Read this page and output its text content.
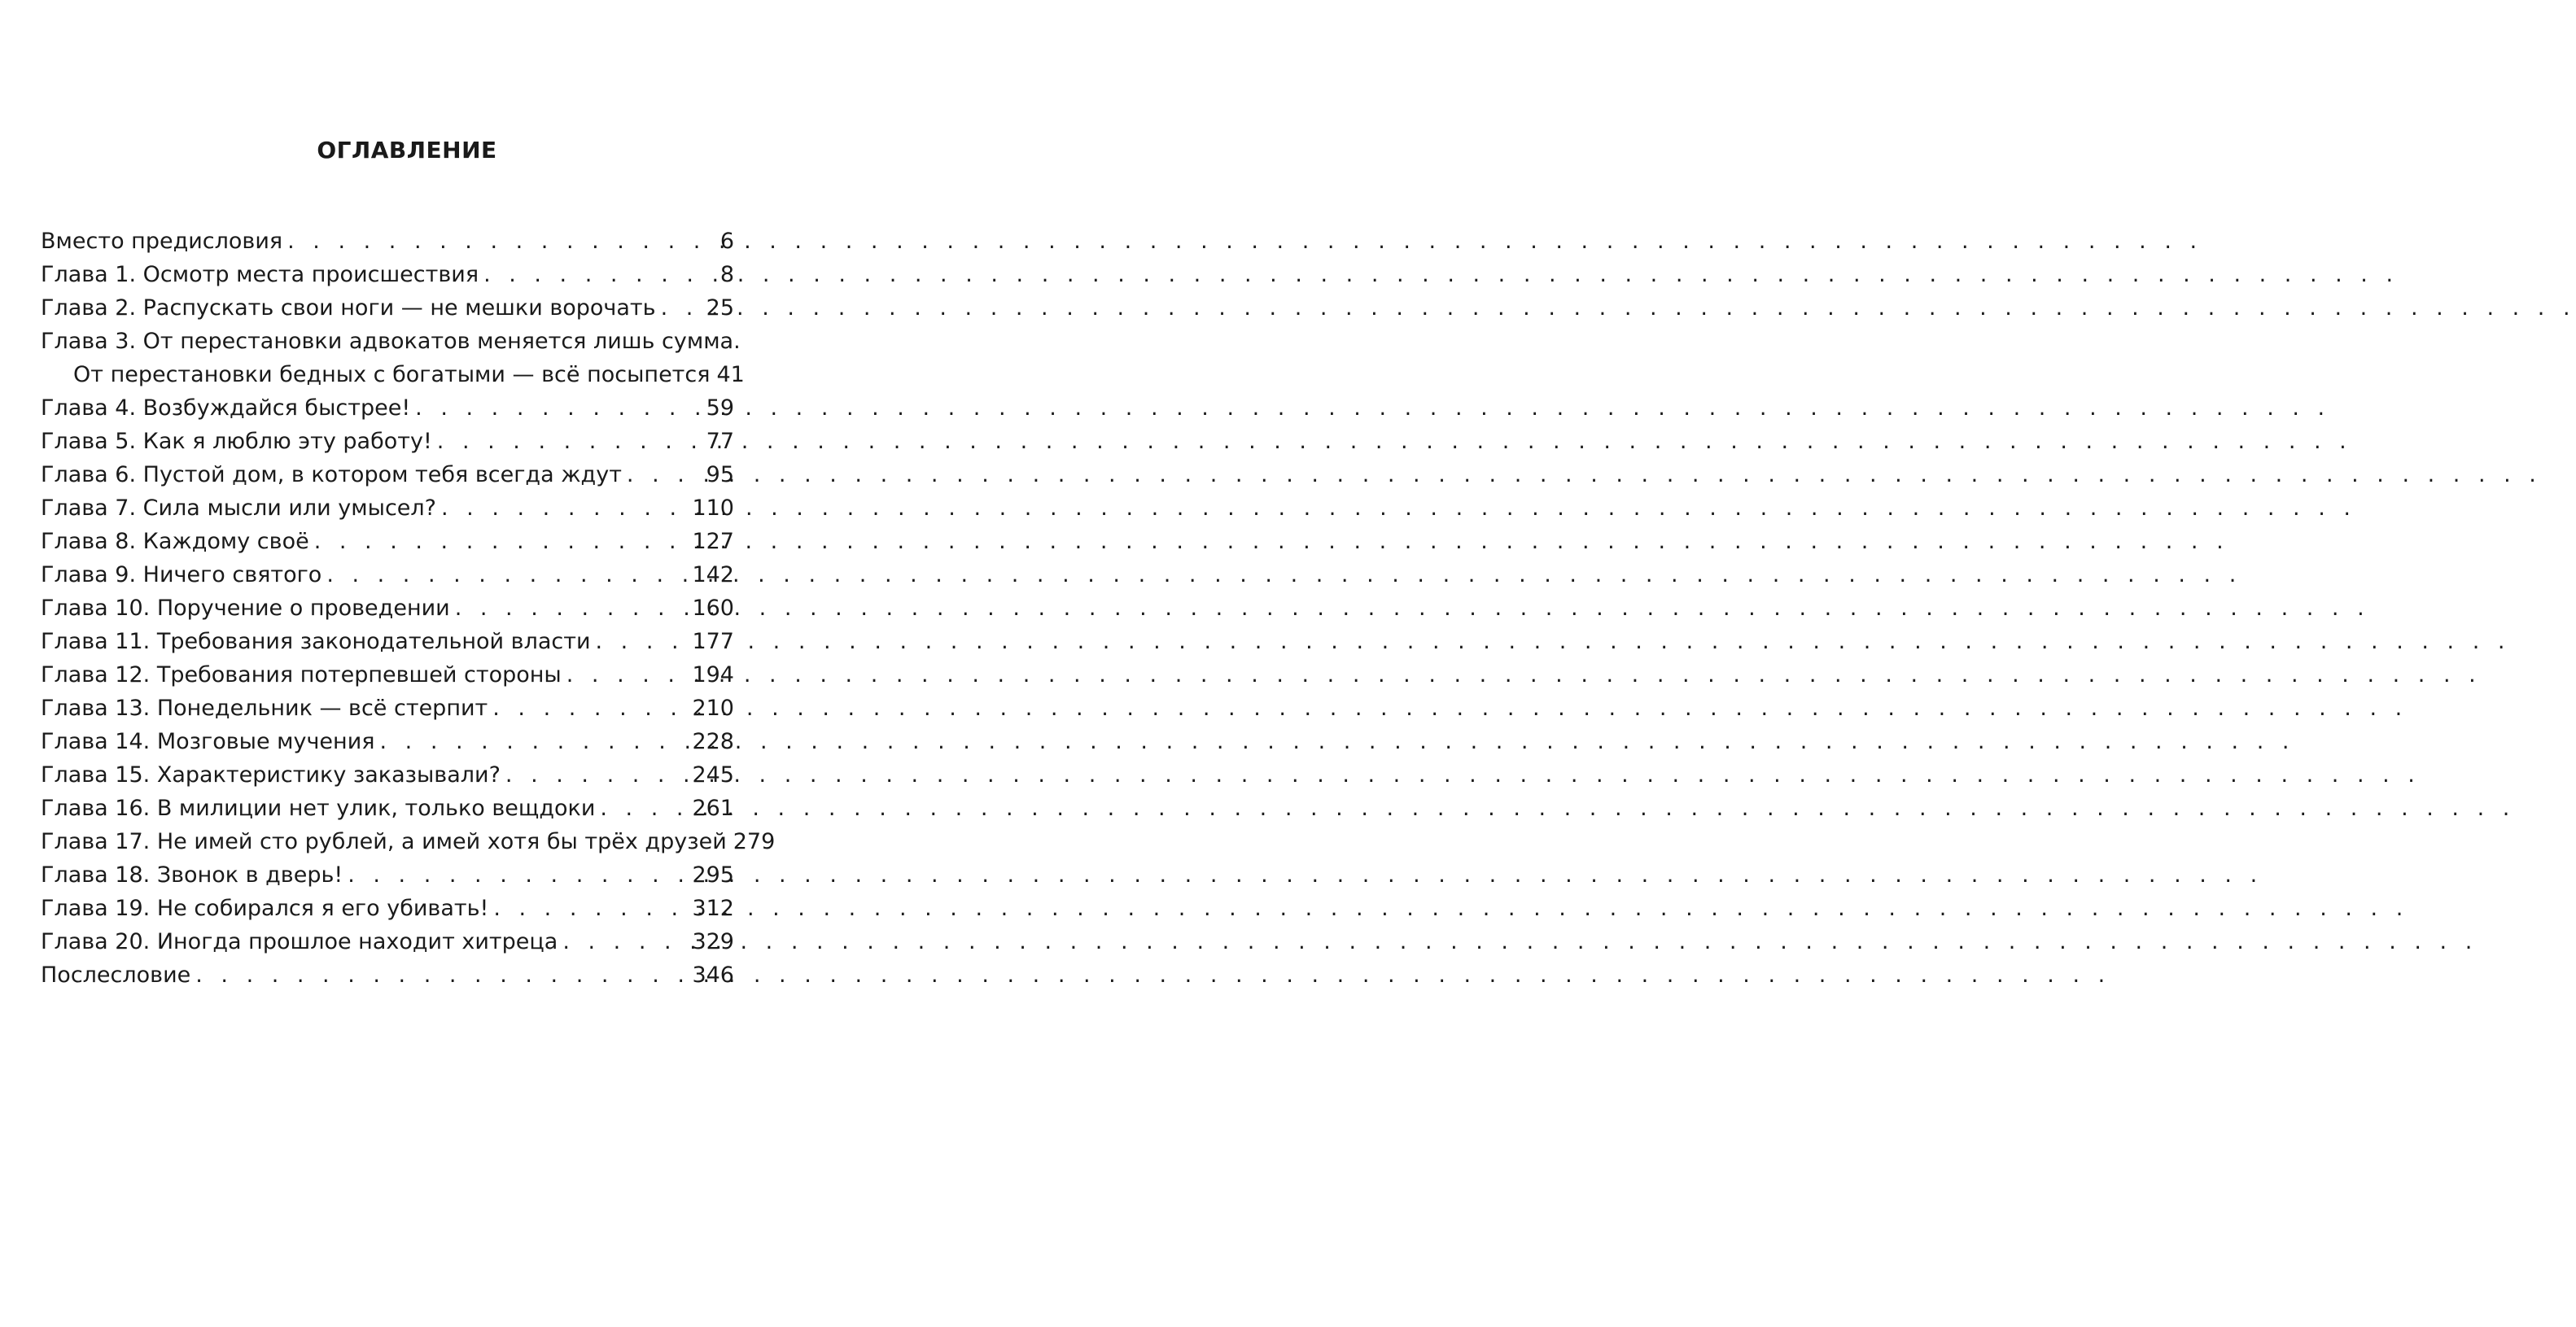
ОГЛАВЛЕНИЕ
Вместо предисловия . . .	6
Глава 1. Осмотр места происшествия . . .	8
Глава 2. Распускать свои ноги — не мешки ворочать . . . 25
Глава 3. От перестановки адвокатов меняется лишь сумма.
От перестановки бедных с богатыми — всё посыпется 41
Глава 4. Возбуждайся быстрее! . . .	59
Глава 5. Как я люблю эту работу! . . .	77
Глава 6. Пустой дом, в котором тебя всегда ждут . . .	95
Глава 7. Сила мысли или умысел? . . .	110
Глава 8. Каждому своё . . .	127
Глава 9. Ничего святого . . .	142
Глава 10. Поручение о проведении . . .	160
Глава 11. Требования законодательной власти . . .	177
Глава 12. Требования потерпевшей стороны . . .	194
Глава 13. Понедельник — всё стерпит . . .	210
Глава 14. Мозговые мучения . . .	228
Глава 15. Характеристику заказывали? . . .	245
Глава 16. В милиции нет улик, только вещдоки . . .	261
Глава 17. Не имей сто рублей, а имей хотя бы трёх друзей 279
Глава 18. Звонок в дверь! . . .	295
Глава 19. Не собирался я его убивать! . . .	312
Глава 20. Иногда прошлое находит хитреца . . .	329
Послесловие . . .	346
